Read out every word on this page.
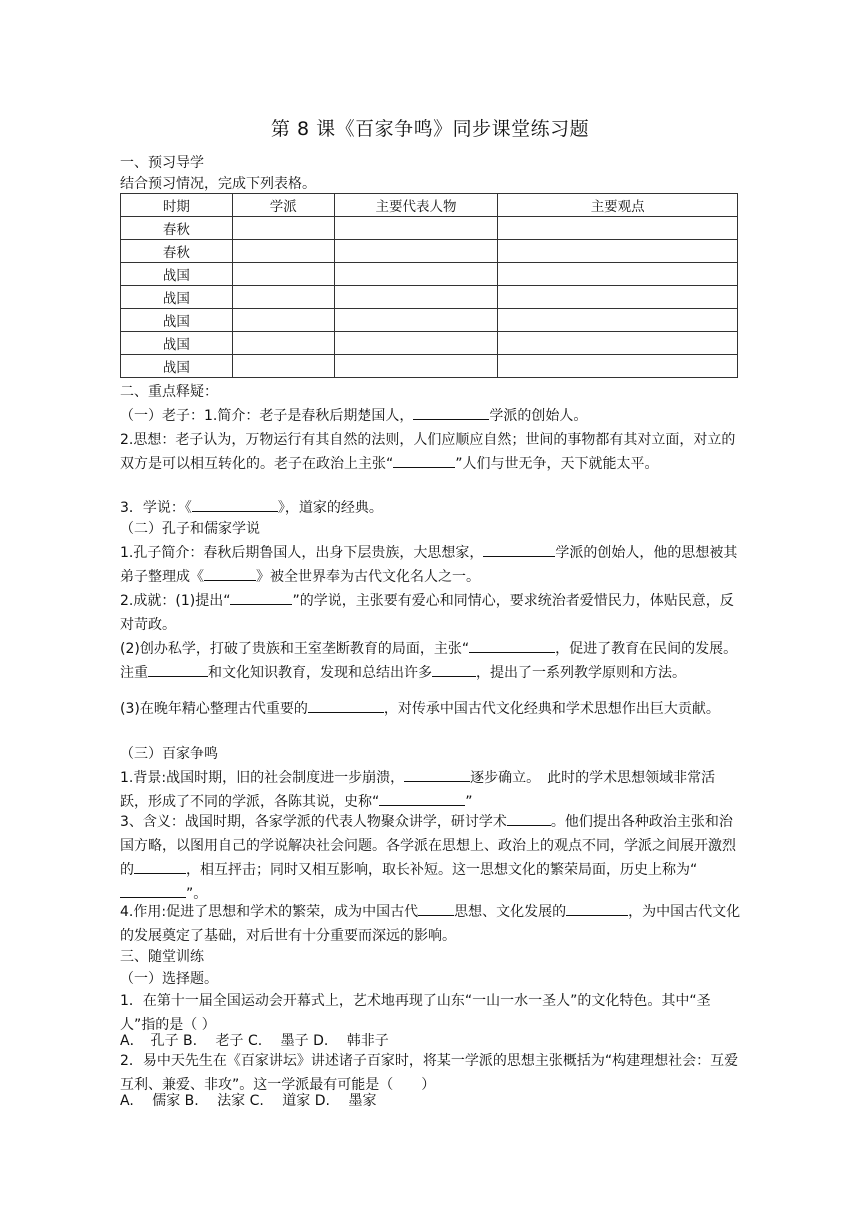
第 8 课《百家争鸣》同步课堂练习题
一、预习导学
结合预习情况，完成下列表格。
时期	学派	主要代表人物	主要观点
春秋			
春秋			
战国			
战国			
战国			
战国			
战国			
二、重点释疑：
（一）老子：1.简介：老子是春秋后期楚国人，	学派的创始人。
2.思想：老子认为，万物运行有其自然的法则，人们应顺应自然；世间的事物都有其对立面，对立的双方是可以相互转化的。老子在政治上主张“	”人们与世无争，天下就能太平。
3．学说：《	》，道家的经典。
（二）孔子和儒家学说
1.孔子简介：春秋后期鲁国人，出身下层贵族，大思想家，	学派的创始人，他的思想被其弟子整理成《	》被全世界奉为古代文化名人之一。
2.成就：(1)提出“	”的学说，主张要有爱心和同情心，要求统治者爱惜民力，体贴民意，反对苛政。
(2)创办私学，打破了贵族和王室垄断教育的局面，主张“	，促进了教育在民间的发展。注重	和文化知识教育，发现和总结出许多	，提出了一系列教学原则和方法。
(3)在晚年精心整理古代重要的	，对传承中国古代文化经典和学术思想作出巨大贡献。
（三）百家争鸣
1.背景:战国时期，旧的社会制度进一步崩溃，	逐步确立。　此时的学术思想领域非常活跃，形成了不同的学派，各陈其说，史称“	”
3、含义：战国时期，各家学派的代表人物聚众讲学，研讨学术	。他们提出各种政治主张和治国方略，以图用自己的学说解决社会问题。各学派在思想上、政治上的观点不同，学派之间展开激烈的	，相互抨击；同时又相互影响，取长补短。这一思想文化的繁荣局面，历史上称为“”。
4.作用:促进了思想和学术的繁荣，成为中国古代	思想、文化发展的	，为中国古代文化的发展奠定了基础，对后世有十分重要而深远的影响。
三、随堂训练
（一）选择题。
1．在第十一届全国运动会开幕式上，艺术地再现了山东“一山一水一圣人”的文化特色。其中“圣人”指的是（ ）
A．　孔子 B.　 老子 C.　 墨子 D.　 韩非子
2．易中天先生在《百家讲坛》讲述诸子百家时，将某一学派的思想主张概括为“构建理想社会：互爱互利、兼爱、非攻”。这一学派最有可能是（　　）
A.　 儒家 B.　 法家 C.　 道家 D.　 墨家
